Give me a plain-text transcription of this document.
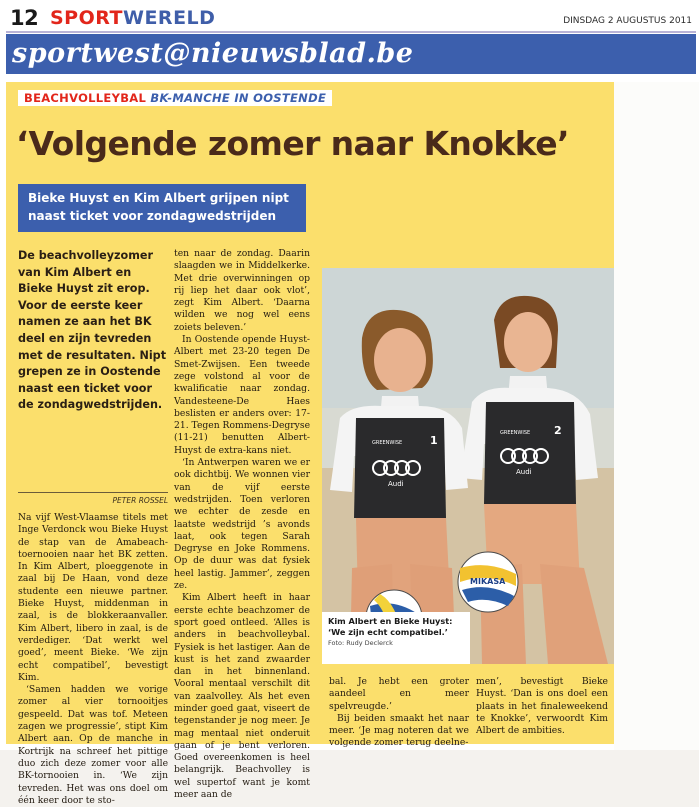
12 SPORTWERELD	DINSDAG 2 AUGUSTUS 2011
sportwest@nieuwsblad.be
BEACHVOLLEYBAL BK-MANCHE IN OOSTENDE
‘Volgende zomer naar Knokke’
Bieke Huyst en Kim Albert grijpen nipt naast ticket voor zondagwedstrijden
De beachvolleyzomer van Kim Albert en Bieke Huyst zit erop. Voor de eerste keer namen ze aan het BK deel en zijn tevreden met de resultaten. Nipt grepen ze in Oostende naast een ticket voor de zondagwedstrijden.
PETER ROSSEL

Na vijf West-Vlaamse titels met Inge Verdonck wou Bieke Huyst de stap van de Amabeach-toernooien naar het BK zetten. In Kim Albert, ploeggenote in zaal bij De Haan, vond deze studente een nieuwe partner. Bieke Huyst, middenman in zaal, is de blokkeraanvaller. Kim Albert, libero in zaal, is de verdediger. ‘Dat werkt wel goed’, meent Bieke. ‘We zijn echt compatibel’, bevestigt Kim.

‘Samen hadden we vorige zomer al vier tornooitjes gespeeld. Dat was tof. Meteen zagen we progressie’, stipt Kim Albert aan. Op de manche in Kortrijk na schreef het pittige duo zich deze zomer voor alle BK-tornooien in. ‘We zijn tevreden. Het was ons doel om één keer door te sto-

ten naar de zondag. Daarin slaagden we in Middelkerke. Met drie overwinningen op rij liep het daar ook vlot’, zegt Kim Albert. ‘Daarna wilden we nog wel eens zoiets beleven.’

In Oostende opende Huyst-Albert met 23-20 tegen De Smet-Zwijsen. Een tweede zege volstond al voor de kwalificatie naar zondag. Vandesteene-De Haes beslisten er anders over: 17-21. Tegen Rommens-Degryse (11-21) benutten Albert-Huyst de extra-kans niet.

‘In Antwerpen waren we er ook dichtbij. We wonnen vier van de vijf eerste wedstrijden. Toen verloren we echter de zesde en laatste wedstrijd ’s avonds laat, ook tegen Sarah Degryse en Joke Rommens. Op de duur was dat fysiek heel lastig. Jammer’, zeggen ze.

Kim Albert heeft in haar eerste echte beachzomer de sport goed ontleed. ‘Alles is anders in beachvolleybal. Fysiek is het lastiger. Aan de kust is het zand zwaarder dan in het binnenland. Vooral mentaal verschilt dit van zaalvolley. Als het even minder goed gaat, viseert de tegenstander je nog meer. Je mag mentaal niet onderuit gaan of je bent verloren. Goed overeenkomen is heel belangrijk. Beachvolley is wel supertof want je komt meer aan de

1
GREENWISE
Audi
2
GREENWISE
Audi
MIKASA
Kim Albert en Bieke Huyst: ‘We zijn echt compatibel.’ Foto: Rudy Declerck

bal. Je hebt een groter aandeel en meer spelvreugde.’

Bij beiden smaakt het naar meer. ‘Je mag noteren dat we volgende zomer terug deelne-

men’, bevestigt Bieke Huyst. ‘Dan is ons doel een plaats in het finaleweekend te Knokke’, verwoordt Kim Albert de ambities.
